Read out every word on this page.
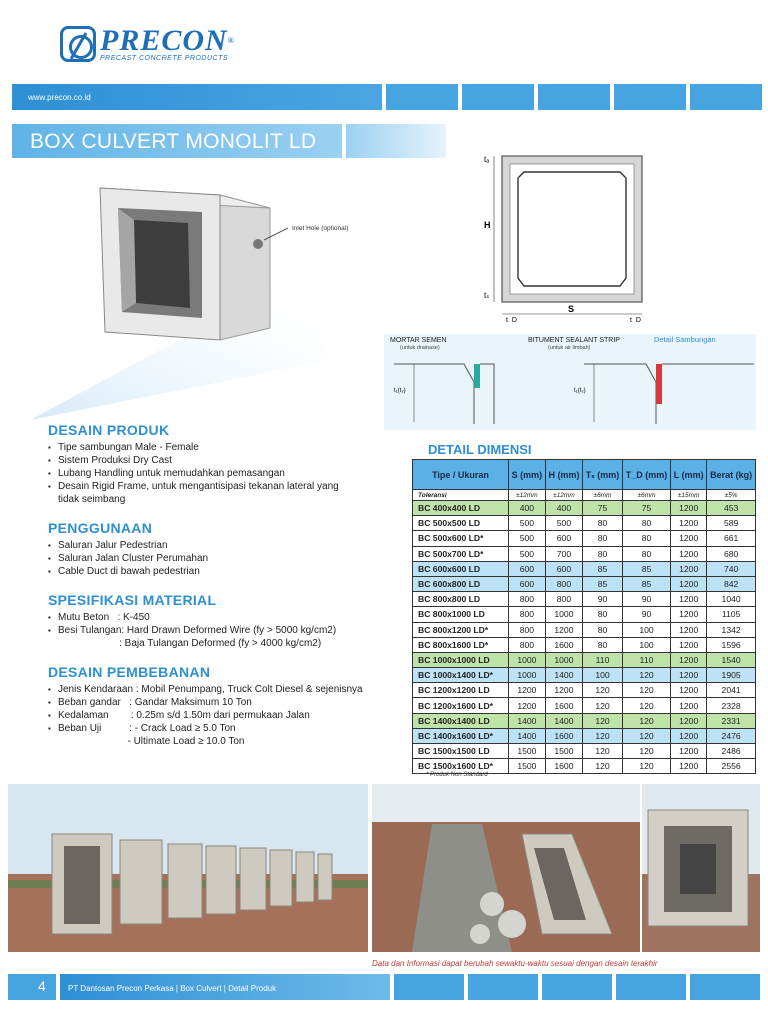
PRECON®
PRECAST CONCRETE PRODUCTS
www.precon.co.id
BOX CULVERT MONOLIT LD
Inlet Hole (optional)
tₐ
H
tₛ
S
t_D	t_D
MORTAR SEMEN
(untuk drainase)
BITUMENT SEALANT STRIP
(untuk air limbah)
Detail Sambungan
t₁(t₂)	t₁(t₂)
DESAIN PRODUK
▪ Tipe sambungan Male - Female
▪ Sistem Produksi Dry Cast
▪ Lubang Handling untuk memudahkan pemasangan
▪ Desain Rigid Frame, untuk mengantisipasi tekanan lateral yang
tidak seimbang
PENGGUNAAN
▪ Saluran Jalur Pedestrian
▪ Saluran Jalan Cluster Perumahan
▪ Cable Duct di bawah pedestrian
SPESIFIKASI MATERIAL
▪ Mutu Beton   : K-450
▪ Besi Tulangan: Hard Drawn Deformed Wire (fy > 5000 kg/cm2)
: Baja Tulangan Deformed (fy > 4000 kg/cm2)
DESAIN PEMBEBANAN
▪ Jenis Kendaraan : Mobil Penumpang, Truck Colt Diesel & sejenisnya
▪ Beban gandar   : Gandar Maksimum 10 Ton
▪ Kedalaman        : 0.25m s/d 1.50m dari permukaan Jalan
▪ Beban Uji          : - Crack Load ≥ 5.0 Ton
- Ultimate Load ≥ 10.0 Ton
DETAIL DIMENSI
Tipe / Ukuran	S (mm)	H (mm)	Tₛ (mm)	T_D (mm)	L (mm)	Berat (kg)
Toleransi	±12mm	±12mm	±6mm	±6mm	±15mm	±5%
BC 400x400 LD	400	400	75	75	1200	453
BC 500x500 LD	500	500	80	80	1200	589
BC 500x600 LD*	500	600	80	80	1200	661
BC 500x700 LD*	500	700	80	80	1200	680
BC 600x600 LD	600	600	85	85	1200	740
BC 600x800 LD	600	800	85	85	1200	842
BC 800x800 LD	800	800	90	90	1200	1040
BC 800x1000 LD	800	1000	80	90	1200	1105
BC 800x1200 LD*	800	1200	80	100	1200	1342
BC 800x1600 LD*	800	1600	80	100	1200	1596
BC 1000x1000 LD	1000	1000	110	110	1200	1540
BC 1000x1400 LD*	1000	1400	100	120	1200	1905
BC 1200x1200 LD	1200	1200	120	120	1200	2041
BC 1200x1600 LD*	1200	1600	120	120	1200	2328
BC 1400x1400 LD	1400	1400	120	120	1200	2331
BC 1400x1600 LD*	1400	1600	120	120	1200	2476
BC 1500x1500 LD	1500	1500	120	120	1200	2486
BC 1500x1600 LD*	1500	1600	120	120	1200	2556
* Produk Non Standard
Data dan Informasi dapat berubah sewaktu-waktu sesuai dengan desain terakhir
4	PT Dantosan Precon Perkasa | Box Culvert | Detail Produk
